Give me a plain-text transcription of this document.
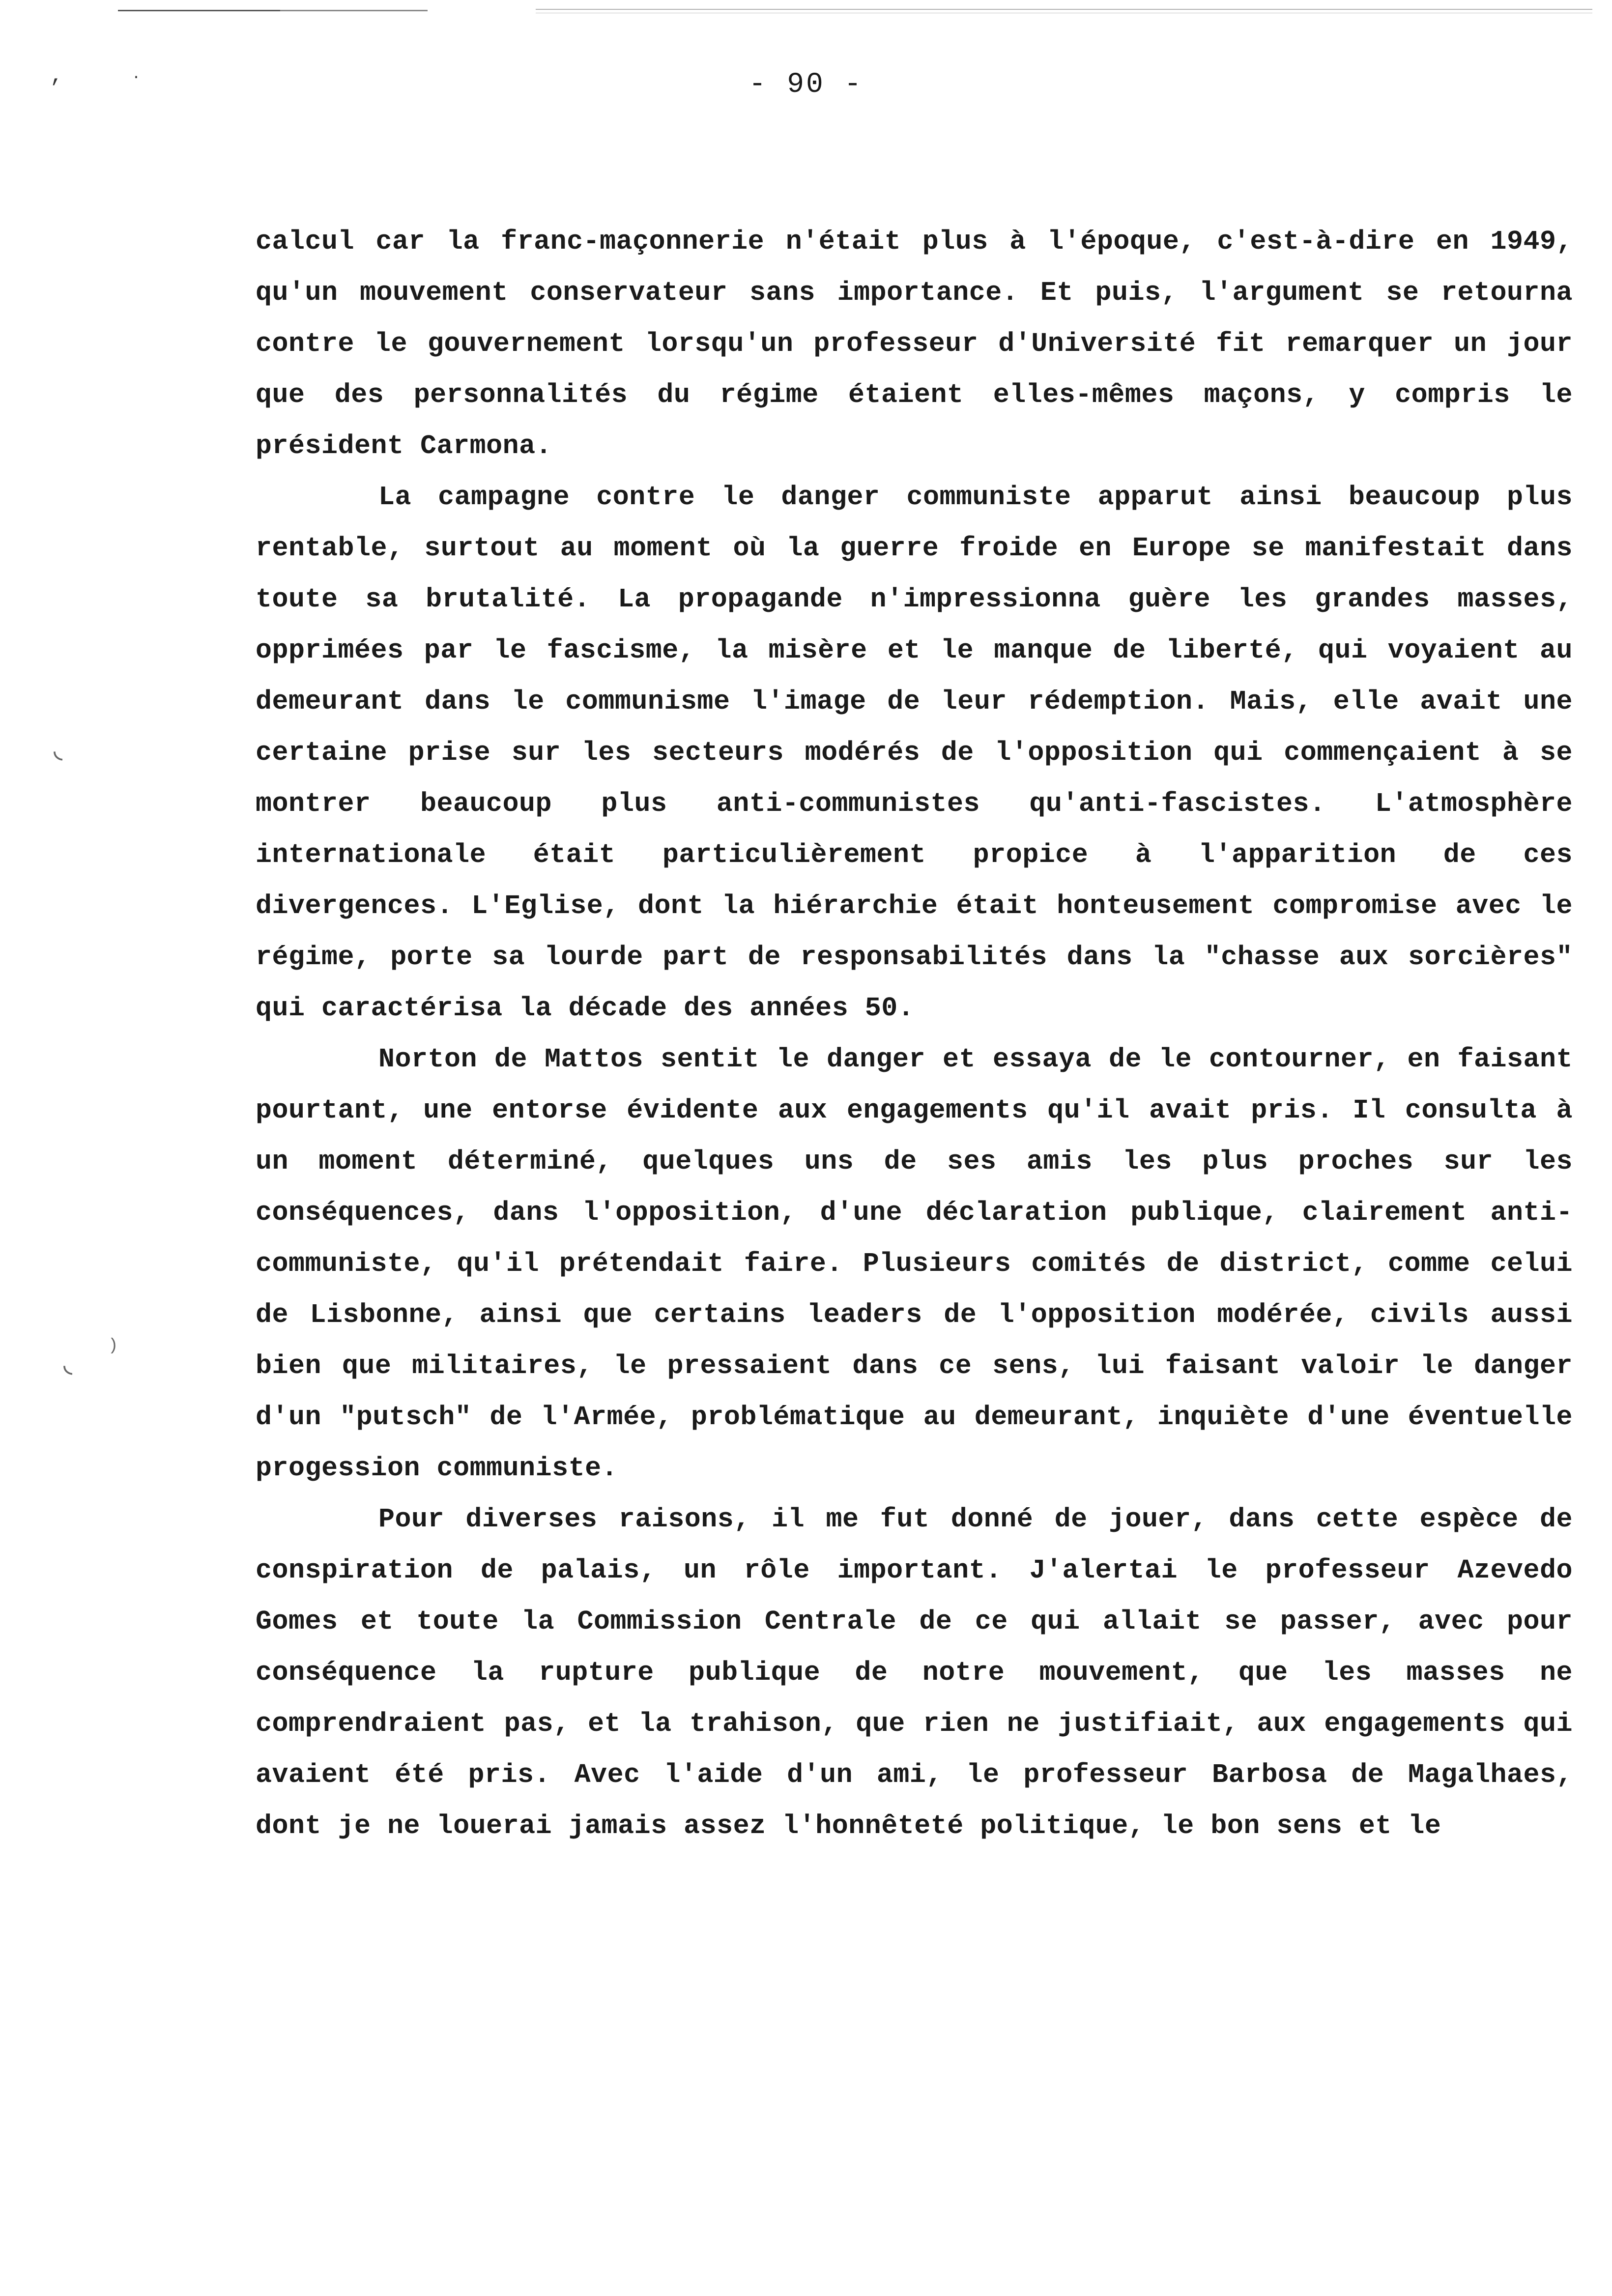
,	.
◟
◟
)
- 90 -

calcul car la franc-maçonnerie n'était plus à l'époque, c'est-à-dire en 1949, qu'un mouvement conservateur sans importance. Et puis, l'argument se retourna contre le gouvernement lorsqu'un professeur d'Université fit remarquer un jour que des personnalités du régime étaient elles-mêmes maçons, y compris le président Carmona.

La campagne contre le danger communiste apparut ainsi beaucoup plus rentable, surtout au moment où la guerre froide en Europe se manifestait dans toute sa brutalité. La propagande n'impressionna guère les grandes masses, opprimées par le fascisme, la misère et le manque de liberté, qui voyaient au demeurant dans le communisme l'image de leur rédemption. Mais, elle avait une certaine prise sur les secteurs modérés de l'opposition qui commençaient à se montrer beaucoup plus anti-communistes qu'anti-fascistes. L'atmosphère internationale était particulièrement propice à l'apparition de ces divergences. L'Eglise, dont la hiérarchie était honteusement compromise avec le régime, porte sa lourde part de responsabilités dans la "chasse aux sorcières" qui caractérisa la décade des années 50.

Norton de Mattos sentit le danger et essaya de le contourner, en faisant pourtant, une entorse évidente aux engagements qu'il avait pris. Il consulta à un moment déterminé, quelques uns de ses amis les plus proches sur les conséquences, dans l'opposition, d'une déclaration publique, clairement anti-communiste, qu'il prétendait faire. Plusieurs comités de district, comme celui de Lisbonne, ainsi que certains leaders de l'opposition modérée, civils aussi bien que militaires, le pressaient dans ce sens, lui faisant valoir le danger d'un "putsch" de l'Armée, problématique au demeurant, inquiète d'une éventuelle progession communiste.

Pour diverses raisons, il me fut donné de jouer, dans cette espèce de conspiration de palais, un rôle important. J'alertai le professeur Azevedo Gomes et toute la Commission Centrale de ce qui allait se passer, avec pour conséquence la rupture publique de notre mouvement, que les masses ne comprendraient pas, et la trahison, que rien ne justifiait, aux engagements qui avaient été pris. Avec l'aide d'un ami, le professeur Barbosa de Magalhaes, dont je ne louerai jamais assez l'honnêteté politique, le bon sens et le
